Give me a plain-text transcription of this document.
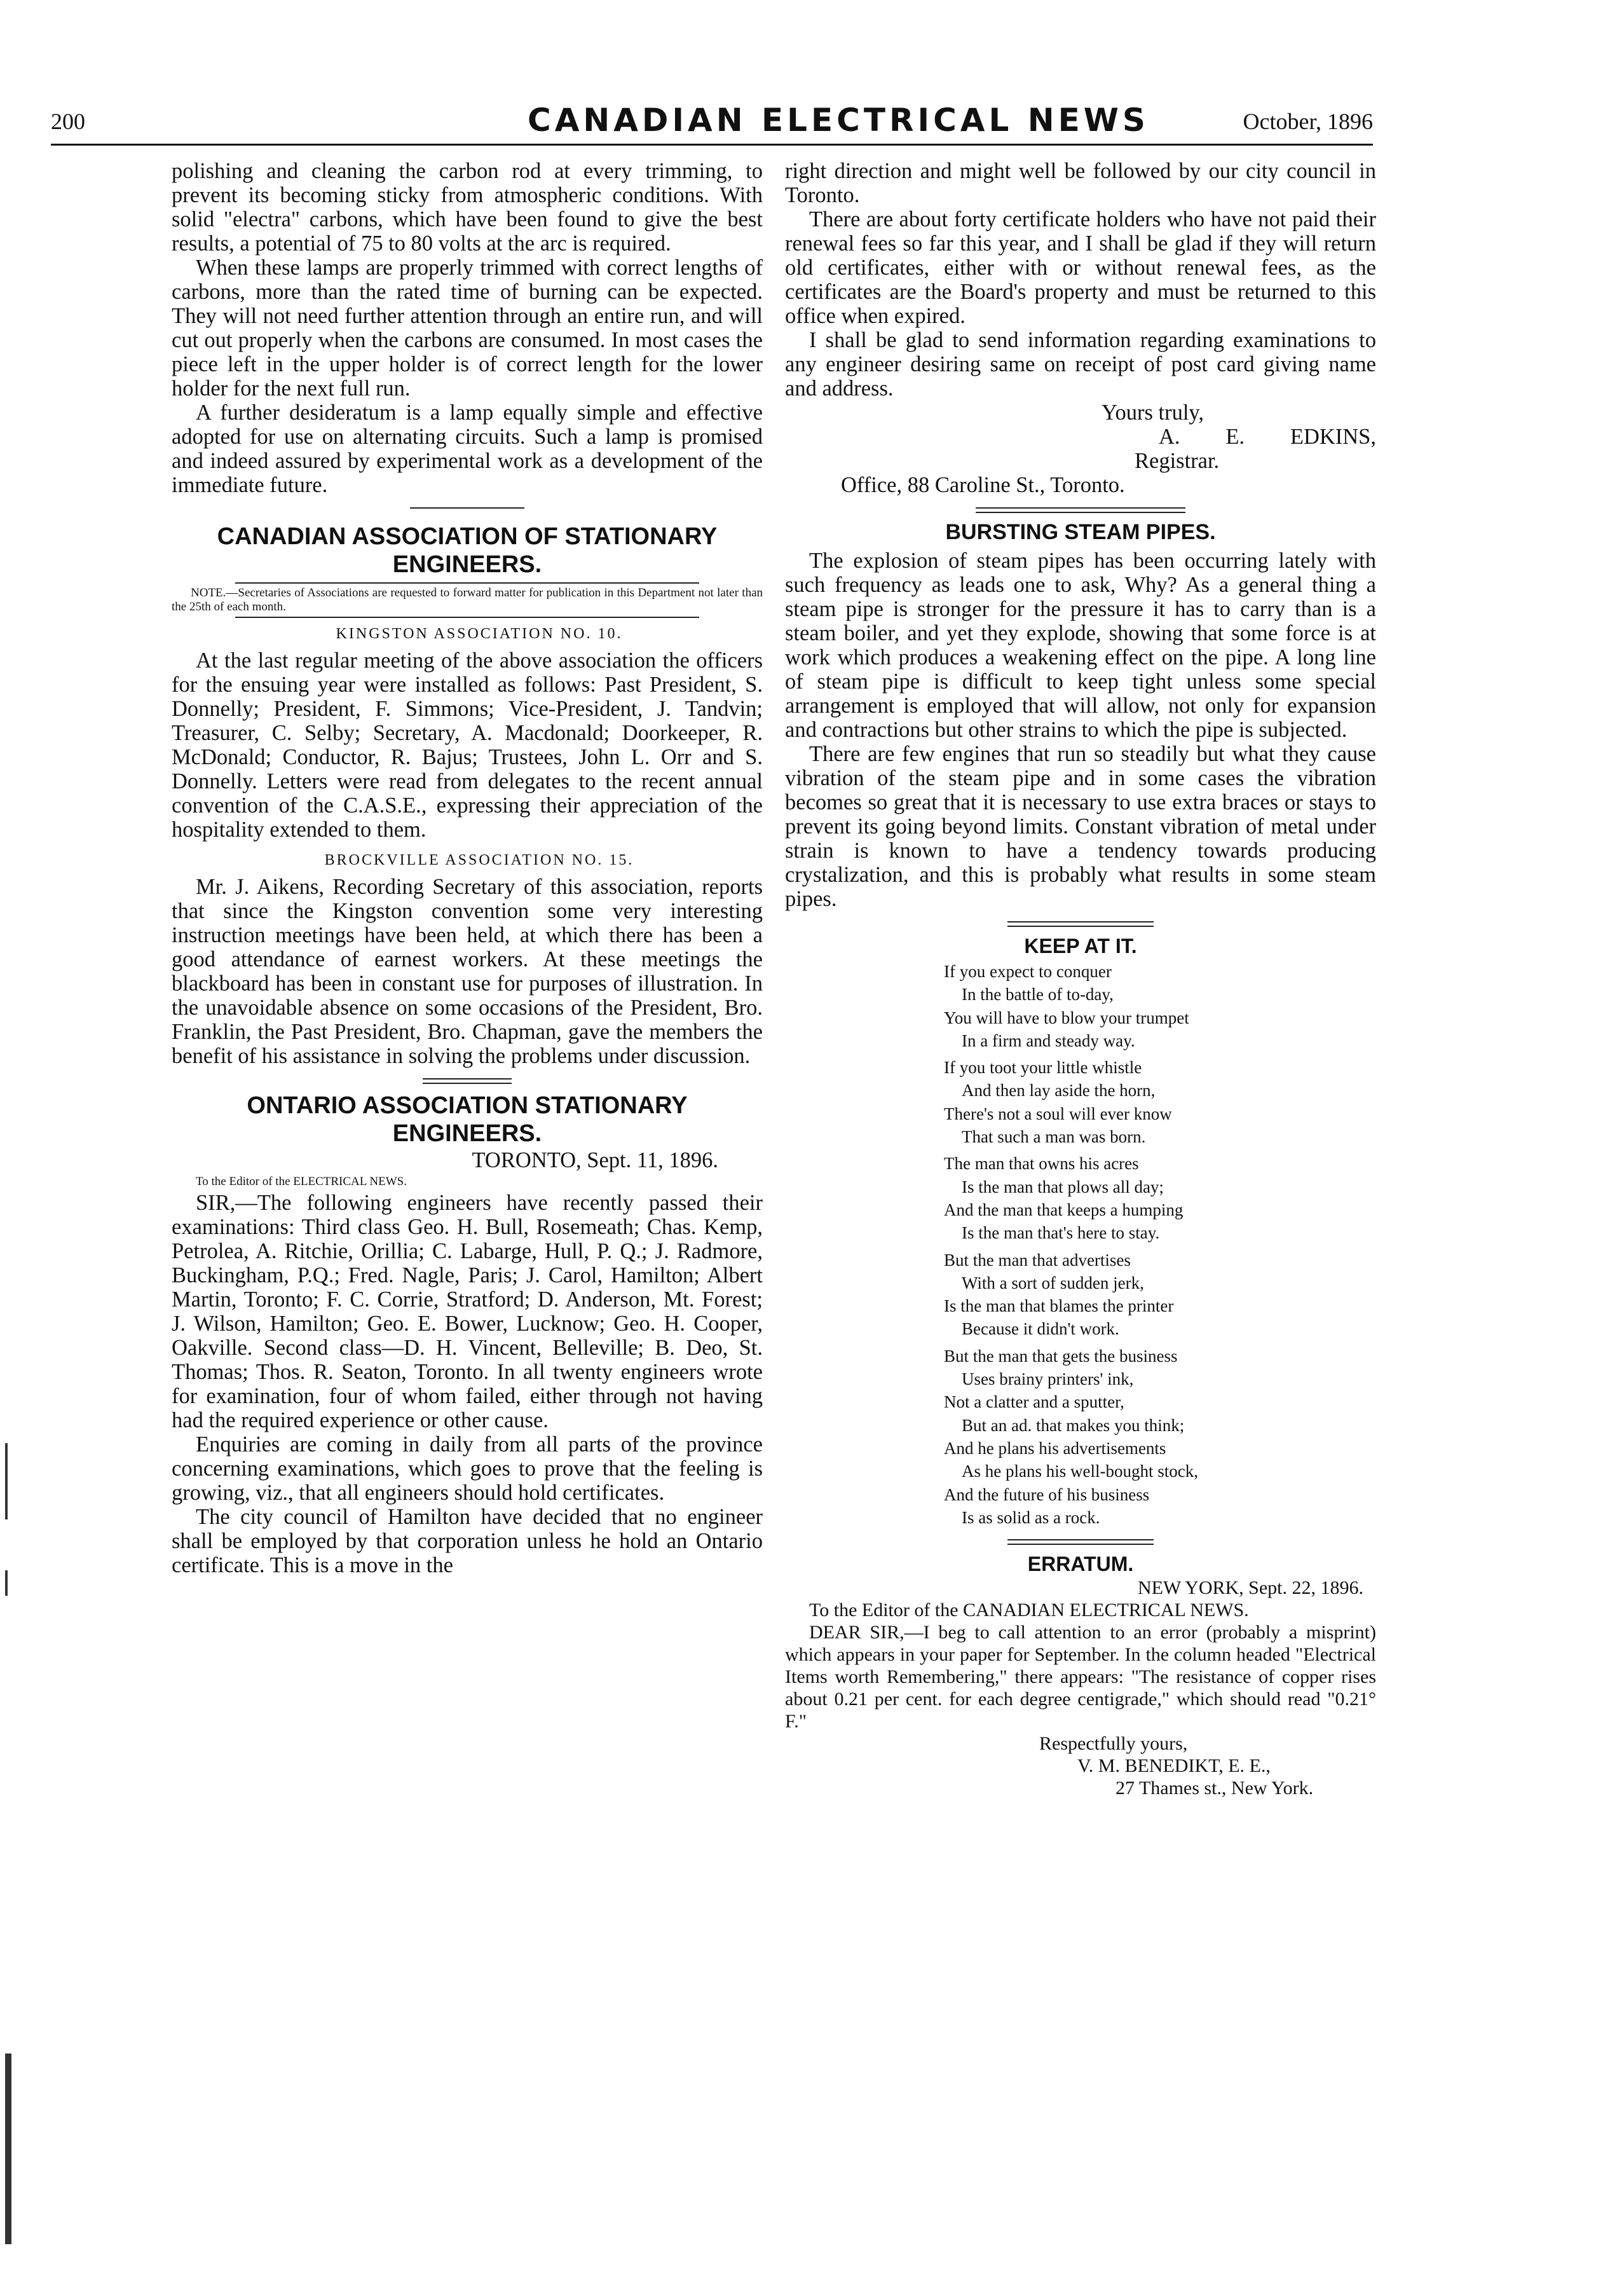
200	CANADIAN ELECTRICAL NEWS	October, 1896

polishing and cleaning the carbon rod at every trimming, to prevent its becoming sticky from atmospheric conditions. With solid "electra" carbons, which have been found to give the best results, a potential of 75 to 80 volts at the arc is required.

When these lamps are properly trimmed with correct lengths of carbons, more than the rated time of burning can be expected. They will not need further attention through an entire run, and will cut out properly when the carbons are consumed. In most cases the piece left in the upper holder is of correct length for the lower holder for the next full run.

A further desideratum is a lamp equally simple and effective adopted for use on alternating circuits. Such a lamp is promised and indeed assured by experimental work as a development of the immediate future.

CANADIAN ASSOCIATION OF STATIONARY ENGINEERS.

NOTE.—Secretaries of Associations are requested to forward matter for publication in this Department not later than the 25th of each month.

KINGSTON ASSOCIATION NO. 10.

At the last regular meeting of the above association the officers for the ensuing year were installed as follows: Past President, S. Donnelly; President, F. Simmons; Vice-President, J. Tandvin; Treasurer, C. Selby; Secretary, A. Macdonald; Doorkeeper, R. McDonald; Conductor, R. Bajus; Trustees, John L. Orr and S. Donnelly. Letters were read from delegates to the recent annual convention of the C.A.S.E., expressing their appreciation of the hospitality extended to them.

BROCKVILLE ASSOCIATION NO. 15.

Mr. J. Aikens, Recording Secretary of this association, reports that since the Kingston convention some very interesting instruction meetings have been held, at which there has been a good attendance of earnest workers. At these meetings the blackboard has been in constant use for purposes of illustration. In the unavoidable absence on some occasions of the President, Bro. Franklin, the Past President, Bro. Chapman, gave the members the benefit of his assistance in solving the problems under discussion.

ONTARIO ASSOCIATION STATIONARY ENGINEERS.

TORONTO, Sept. 11, 1896.

To the Editor of the ELECTRICAL NEWS.

SIR,—The following engineers have recently passed their examinations: Third class Geo. H. Bull, Rosemeath; Chas. Kemp, Petrolea, A. Ritchie, Orillia; C. Labarge, Hull, P. Q.; J. Radmore, Buckingham, P.Q.; Fred. Nagle, Paris; J. Carol, Hamilton; Albert Martin, Toronto; F. C. Corrie, Stratford; D. Anderson, Mt. Forest; J. Wilson, Hamilton; Geo. E. Bower, Lucknow; Geo. H. Cooper, Oakville. Second class—D. H. Vincent, Belleville; B. Deo, St. Thomas; Thos. R. Seaton, Toronto. In all twenty engineers wrote for examination, four of whom failed, either through not having had the required experience or other cause.

Enquiries are coming in daily from all parts of the province concerning examinations, which goes to prove that the feeling is growing, viz., that all engineers should hold certificates.

The city council of Hamilton have decided that no engineer shall be employed by that corporation unless he hold an Ontario certificate. This is a move in the

right direction and might well be followed by our city council in Toronto.

There are about forty certificate holders who have not paid their renewal fees so far this year, and I shall be glad if they will return old certificates, either with or without renewal fees, as the certificates are the Board's property and must be returned to this office when expired.

I shall be glad to send information regarding examinations to any engineer desiring same on receipt of post card giving name and address.

Yours truly,

A. E. EDKINS, Registrar.

Office, 88 Caroline St., Toronto.

BURSTING STEAM PIPES.

The explosion of steam pipes has been occurring lately with such frequency as leads one to ask, Why? As a general thing a steam pipe is stronger for the pressure it has to carry than is a steam boiler, and yet they explode, showing that some force is at work which produces a weakening effect on the pipe. A long line of steam pipe is difficult to keep tight unless some special arrangement is employed that will allow, not only for expansion and contractions but other strains to which the pipe is subjected.

There are few engines that run so steadily but what they cause vibration of the steam pipe and in some cases the vibration becomes so great that it is necessary to use extra braces or stays to prevent its going beyond limits. Constant vibration of metal under strain is known to have a tendency towards producing crystalization, and this is probably what results in some steam pipes.

KEEP AT IT.
If you expect to conquer
In the battle of to-day,
You will have to blow your trumpet
In a firm and steady way.
If you toot your little whistle
And then lay aside the horn,
There's not a soul will ever know
That such a man was born.
The man that owns his acres
Is the man that plows all day;
And the man that keeps a humping
Is the man that's here to stay.
But the man that advertises
With a sort of sudden jerk,
Is the man that blames the printer
Because it didn't work.
But the man that gets the business
Uses brainy printers' ink,
Not a clatter and a sputter,
But an ad. that makes you think;
And he plans his advertisements
As he plans his well-bought stock,
And the future of his business
Is as solid as a rock.
ERRATUM.

NEW YORK, Sept. 22, 1896.

To the Editor of the CANADIAN ELECTRICAL NEWS.

DEAR SIR,—I beg to call attention to an error (probably a misprint) which appears in your paper for September. In the column headed "Electrical Items worth Remembering," there appears: "The resistance of copper rises about 0.21 per cent. for each degree centigrade," which should read "0.21° F."

Respectfully yours,

V. M. BENEDIKT, E. E.,

27 Thames st., New York.
